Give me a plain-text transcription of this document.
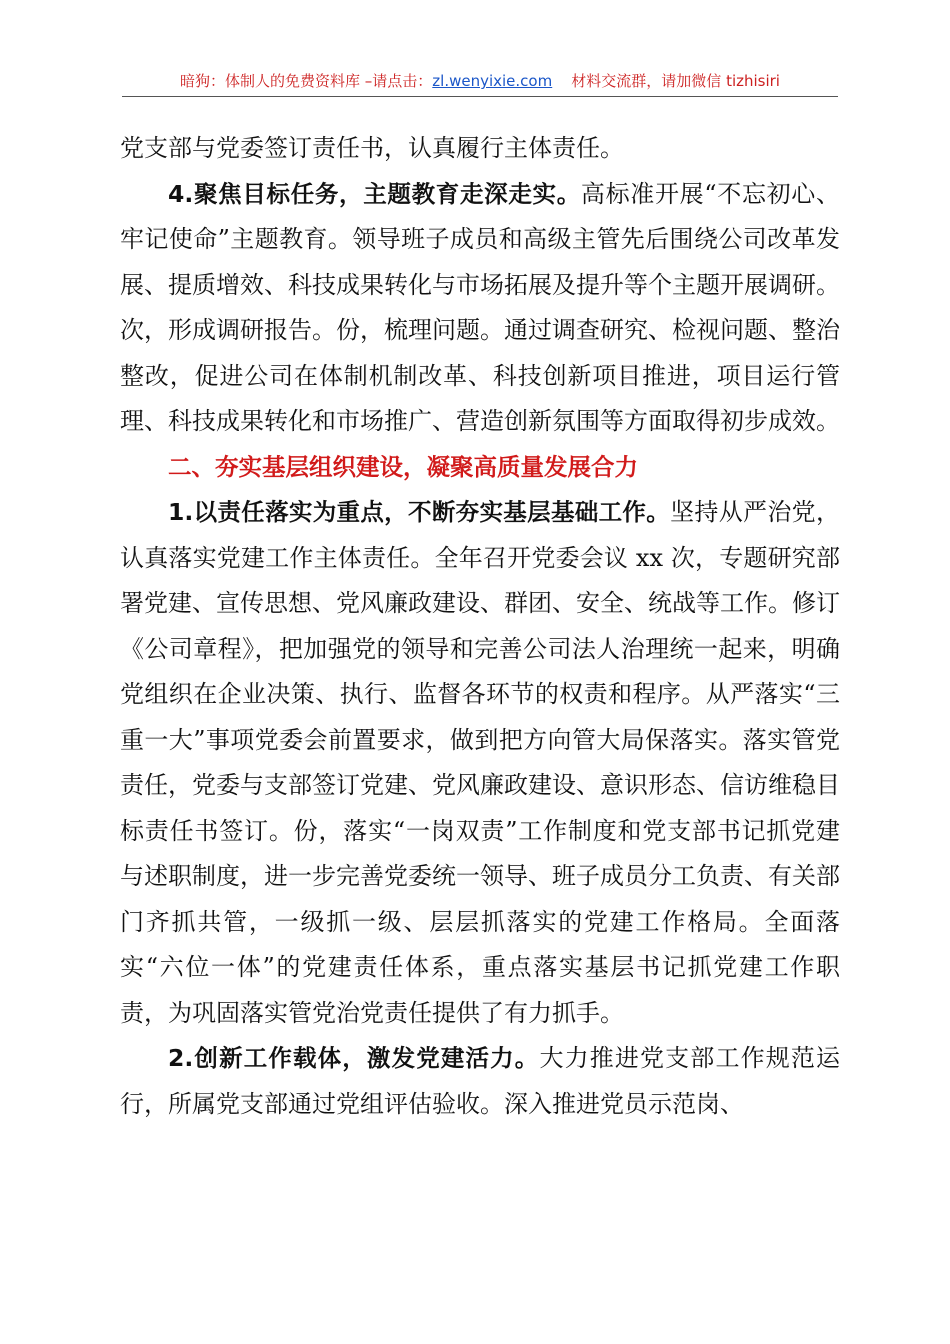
暗狗：体制人的免费资料库 –请点击：zl.wenyixie.com 材料交流群，请加微信 tizhisiri

党支部与党委签订责任书，认真履行主体责任。

4.聚焦目标任务，主题教育走深走实。高标准开展“不忘初心、牢记使命”主题教育。领导班子成员和高级主管先后围绕公司改革发展、提质增效、科技成果转化与市场拓展及提升等个主题开展调研。次，形成调研报告。份，梳理问题。通过调查研究、检视问题、整治整改，促进公司在体制机制改革、科技创新项目推进，项目运行管理、科技成果转化和市场推广、营造创新氛围等方面取得初步成效。

二、夯实基层组织建设，凝聚高质量发展合力

1.以责任落实为重点，不断夯实基层基础工作。坚持从严治党，认真落实党建工作主体责任。全年召开党委会议 xx 次，专题研究部署党建、宣传思想、党风廉政建设、群团、安全、统战等工作。修订《公司章程》，把加强党的领导和完善公司法人治理统一起来，明确党组织在企业决策、执行、监督各环节的权责和程序。从严落实“三重一大”事项党委会前置要求，做到把方向管大局保落实。落实管党责任，党委与支部签订党建、党风廉政建设、意识形态、信访维稳目标责任书签订。份，落实“一岗双责”工作制度和党支部书记抓党建与述职制度，进一步完善党委统一领导、班子成员分工负责、有关部门齐抓共管，一级抓一级、层层抓落实的党建工作格局。全面落实“六位一体”的党建责任体系，重点落实基层书记抓党建工作职责，为巩固落实管党治党责任提供了有力抓手。

2.创新工作载体，激发党建活力。大力推进党支部工作规范运行，所属党支部通过党组评估验收。深入推进党员示范岗、
